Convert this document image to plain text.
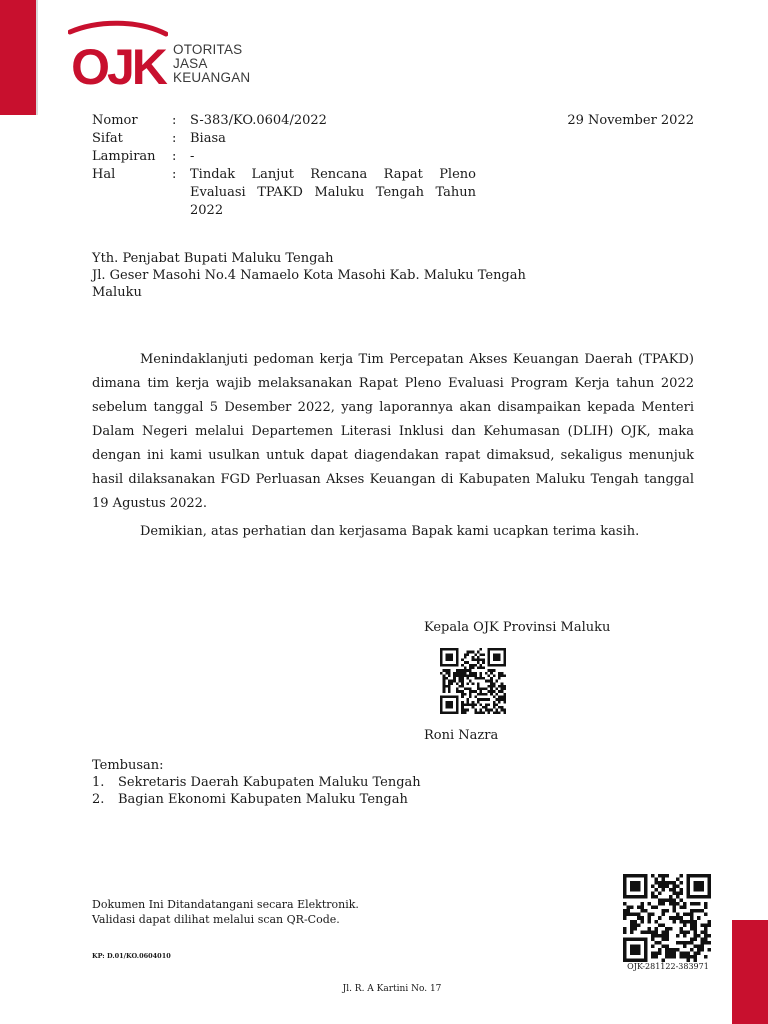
OJK OTORITAS
JASA
KEUANGAN
Nomor	:	S-383/KO.0604/2022
Sifat	:	Biasa
Lampiran	:	-
Hal	:	Tindak Lanjut Rencana Rapat Pleno Evaluasi TPAKD Maluku Tengah Tahun 2022
29 November 2022
Yth. Penjabat Bupati Maluku Tengah
Jl. Geser Masohi No.4 Namaelo Kota Masohi Kab. Maluku Tengah
Maluku

Menindaklanjuti pedoman kerja Tim Percepatan Akses Keuangan Daerah (TPAKD) dimana tim kerja wajib melaksanakan Rapat Pleno Evaluasi Program Kerja tahun 2022 sebelum tanggal 5 Desember 2022, yang laporannya akan disampaikan kepada Menteri Dalam Negeri melalui Departemen Literasi Inklusi dan Kehumasan (DLIH) OJK, maka dengan ini kami usulkan untuk dapat diagendakan rapat dimaksud, sekaligus menunjuk hasil dilaksanakan FGD Perluasan Akses Keuangan di Kabupaten Maluku Tengah tanggal 19 Agustus 2022.

Demikian, atas perhatian dan kerjasama Bapak kami ucapkan terima kasih.
Kepala OJK Provinsi Maluku
Roni Nazra
Tembusan:
1.	Sekretaris Daerah Kabupaten Maluku Tengah
2.	Bagian Ekonomi Kabupaten Maluku Tengah
Dokumen Ini Ditandatangani secara Elektronik.
Validasi dapat dilihat melalui scan QR-Code.
KP: D.01/KO.0604010
OJK-281122-383971
Jl. R. A Kartini No. 17
